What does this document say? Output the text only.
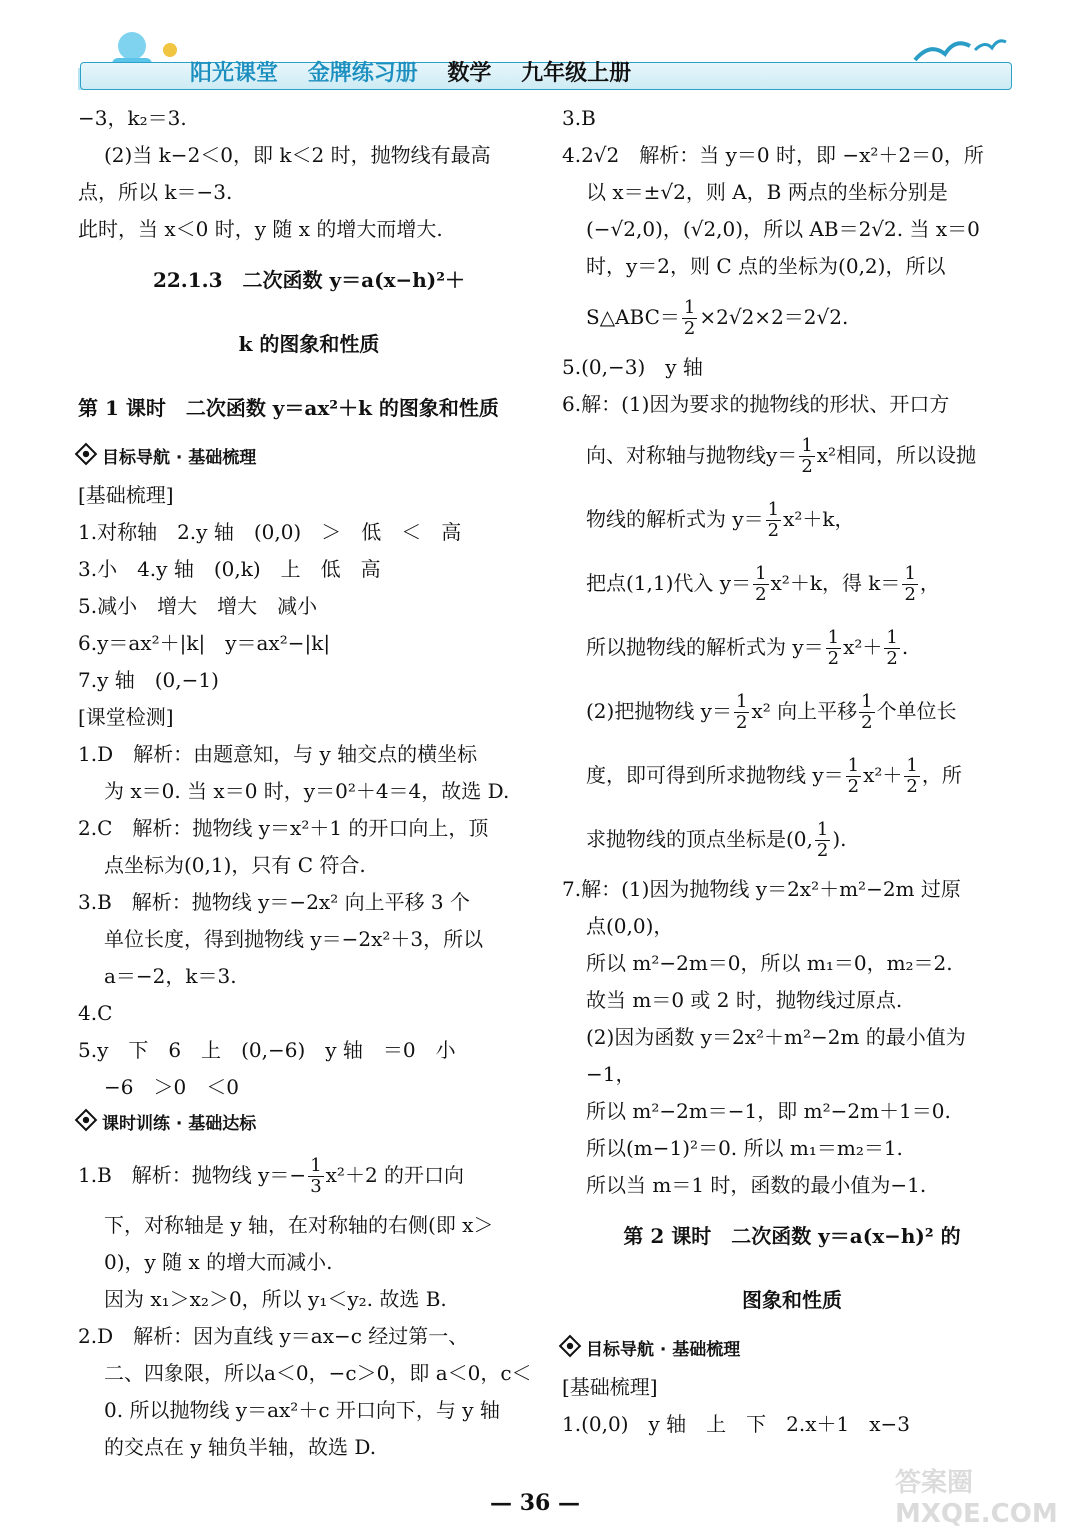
阳光课堂 金牌练习册 数学 九年级上册
−3，k₂＝3.
(2)当 k−2＜0，即 k＜2 时，抛物线有最高
点，所以 k＝−3.
此时，当 x＜0 时，y 随 x 的增大而增大.
22.1.3　二次函数 y＝a(x−h)²＋
k 的图象和性质
第 1 课时　二次函数 y＝ax²＋k 的图象和性质
目标导航 · 基础梳理
[基础梳理]
1.对称轴　2.y 轴　(0,0)　＞　低　＜　高
3.小　4.y 轴　(0,k)　上　低　高
5.减小　增大　增大　减小
6.y＝ax²＋|k|　y＝ax²−|k|
7.y 轴　(0,−1)
[课堂检测]
1.D　解析：由题意知，与 y 轴交点的横坐标
为 x＝0. 当 x＝0 时，y＝0²＋4＝4，故选 D.
2.C　解析：抛物线 y＝x²＋1 的开口向上，顶
点坐标为(0,1)，只有 C 符合.
3.B　解析：抛物线 y＝−2x² 向上平移 3 个
单位长度，得到抛物线 y＝−2x²＋3，所以
a＝−2，k＝3.
4.C
5.y　下　6　上　(0,−6)　y 轴　＝0　小
−6　＞0　＜0
课时训练 · 基础达标
1.B　解析：抛物线 $y=- \frac{1}{3} x^2+2$ 的开口向
下，对称轴是 y 轴，在对称轴的右侧(即 x＞
0)，y 随 x 的增大而减小.
因为 x₁＞x₂＞0，所以 y₁＜y₂. 故选 B.
2.D　解析：因为直线 y＝ax−c 经过第一、
二、四象限，所以a＜0，−c＞0，即 a＜0，c＜
0. 所以抛物线 y＝ax²＋c 开口向下，与 y 轴
的交点在 y 轴负半轴，故选 D.
3.B
4.2√2　解析：当 y＝0 时，即 −x²＋2＝0，所
以 x＝±√2，则 A，B 两点的坐标分别是
(−√2,0)，(√2,0)，所以 AB＝2√2. 当 x＝0
时，y＝2，则 C 点的坐标为(0,2)，所以
S△ABC＝ $\frac{1}{2} \times 2√2\times 2=2√2$.
5.(0,−3)　y 轴
6.解：(1)因为要求的抛物线的形状、开口方
向、对称轴与抛物线$y= \frac{1}{2} x^2$相同，所以设抛
物线的解析式为 $y= \frac{1}{2} x^2+k$，
把点(1,1)代入 $y= \frac{1}{2} x^2+k$，得 $k= \frac{1}{2}$ ，
所以抛物线的解析式为 $y= \frac{1}{2} x^2+ \frac{1}{2}$ .
(2)把抛物线 $y= \frac{1}{2} x^2$ 向上平移 $\frac{1}{2}$ 个单位长
度，即可得到所求抛物线 $y= \frac{1}{2} x^2+ \frac{1}{2}$ ，所
求抛物线的顶点坐标是(0, $\frac{1}{2}$ ).
7.解：(1)因为抛物线 y＝2x²＋m²−2m 过原
点(0,0)，
所以 m²−2m＝0，所以 m₁＝0，m₂＝2.
故当 m＝0 或 2 时，抛物线过原点.
(2)因为函数 y＝2x²＋m²−2m 的最小值为
−1，
所以 m²−2m＝−1，即 m²−2m＋1＝0.
所以(m−1)²＝0. 所以 m₁＝m₂＝1.
所以当 m＝1 时，函数的最小值为−1.
第 2 课时　二次函数 y＝a(x−h)² 的
图象和性质
目标导航 · 基础梳理
[基础梳理]
1.(0,0)　y 轴　上　下　2.x＋1　x−3
— 36 —
答案圈 MXQE.COM
